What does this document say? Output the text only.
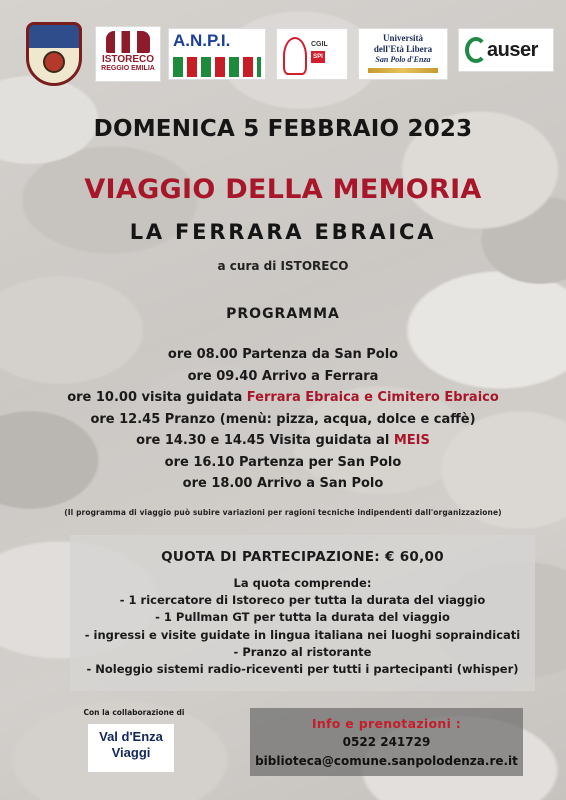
ISTORECO
REGGIO EMILIA
A.N.P.I.	CGIL
SPI
Università
dell'Età Libera
San Polo d'Enza	auser
DOMENICA 5 FEBBRAIO 2023
VIAGGIO DELLA MEMORIA
LA FERRARA EBRAICA
a cura di ISTORECO
PROGRAMMA
ore 08.00 Partenza da San Polo
ore 09.40 Arrivo a Ferrara
ore 10.00 visita guidata Ferrara Ebraica e Cimitero Ebraico
ore 12.45 Pranzo (menù: pizza, acqua, dolce e caffè)
ore 14.30 e 14.45 Visita guidata al MEIS
ore 16.10 Partenza per San Polo
ore 18.00 Arrivo a San Polo
(Il programma di viaggio può subire variazioni per ragioni tecniche indipendenti dall'organizzazione)
QUOTA DI PARTECIPAZIONE: € 60,00
La quota comprende:
- 1 ricercatore di Istoreco per tutta la durata del viaggio
- 1 Pullman GT per tutta la durata del viaggio
- ingressi e visite guidate in lingua italiana nei luoghi sopraindicati
- Pranzo al ristorante
- Noleggio sistemi radio-riceventi per tutti i partecipanti (whisper)
Con la collaborazione di
Val d'Enza
Viaggi
Info e prenotazioni :
0522 241729
biblioteca@comune.sanpolodenza.re.it
